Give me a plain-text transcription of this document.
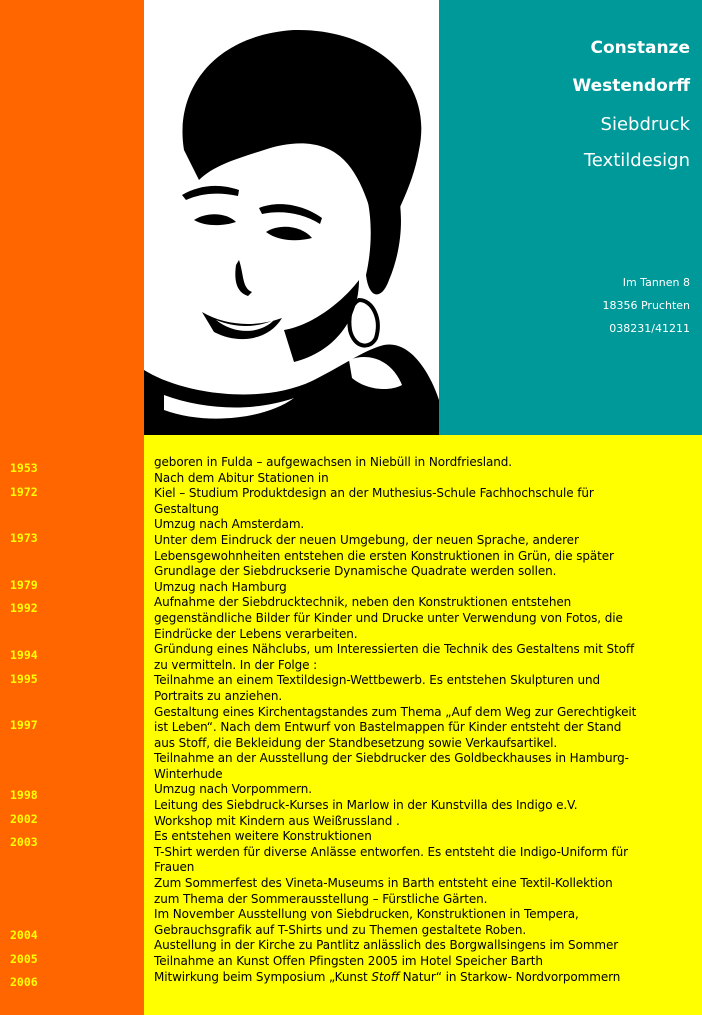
1953
1972
1973
1979
1992
1994
1995
1997
1998
2002
2003
2004
2005
2006
Constanze
Westendorff
Siebdruck
Textildesign
Im Tannen 8
18356 Pruchten
038231/41211
geboren in Fulda – aufgewachsen in Niebüll in Nordfriesland.
Nach dem Abitur Stationen in
Kiel – Studium Produktdesign an der Muthesius-Schule Fachhochschule für
Gestaltung
Umzug nach Amsterdam.
Unter dem Eindruck der neuen Umgebung, der neuen Sprache, anderer
Lebensgewohnheiten entstehen die ersten Konstruktionen in Grün, die später
Grundlage der Siebdruckserie Dynamische Quadrate werden sollen.
Umzug nach Hamburg
Aufnahme der Siebdrucktechnik, neben den Konstruktionen entstehen
gegenständliche Bilder für Kinder und Drucke unter Verwendung von Fotos, die
Eindrücke der Lebens verarbeiten.
Gründung eines Nähclubs, um Interessierten die Technik des Gestaltens mit Stoff
zu vermitteln. In der Folge :
Teilnahme an einem Textildesign-Wettbewerb. Es entstehen Skulpturen und
Portraits zu anziehen.
Gestaltung eines Kirchentagstandes zum Thema „Auf dem Weg zur Gerechtigkeit
ist Leben“. Nach dem Entwurf von Bastelmappen für Kinder entsteht der Stand
aus Stoff, die Bekleidung der Standbesetzung sowie Verkaufsartikel.
Teilnahme an der Ausstellung der Siebdrucker des Goldbeckhauses in Hamburg-
Winterhude
Umzug nach Vorpommern.
Leitung des Siebdruck-Kurses in Marlow in der Kunstvilla des Indigo e.V.
Workshop mit Kindern aus Weißrussland .
Es entstehen weitere Konstruktionen
T-Shirt werden für diverse Anlässe entworfen. Es entsteht die Indigo-Uniform für
Frauen
Zum Sommerfest des Vineta-Museums in Barth entsteht eine Textil-Kollektion
zum Thema der Sommerausstellung – Fürstliche Gärten.
Im November Ausstellung von Siebdrucken, Konstruktionen in Tempera,
Gebrauchsgrafik auf T-Shirts und zu Themen gestaltete Roben.
Austellung in der Kirche zu Pantlitz anlässlich des Borgwallsingens im Sommer
Teilnahme an Kunst Offen Pfingsten 2005 im Hotel Speicher Barth
Mitwirkung beim Symposium „Kunst Stoff Natur“ in Starkow- Nordvorpommern
